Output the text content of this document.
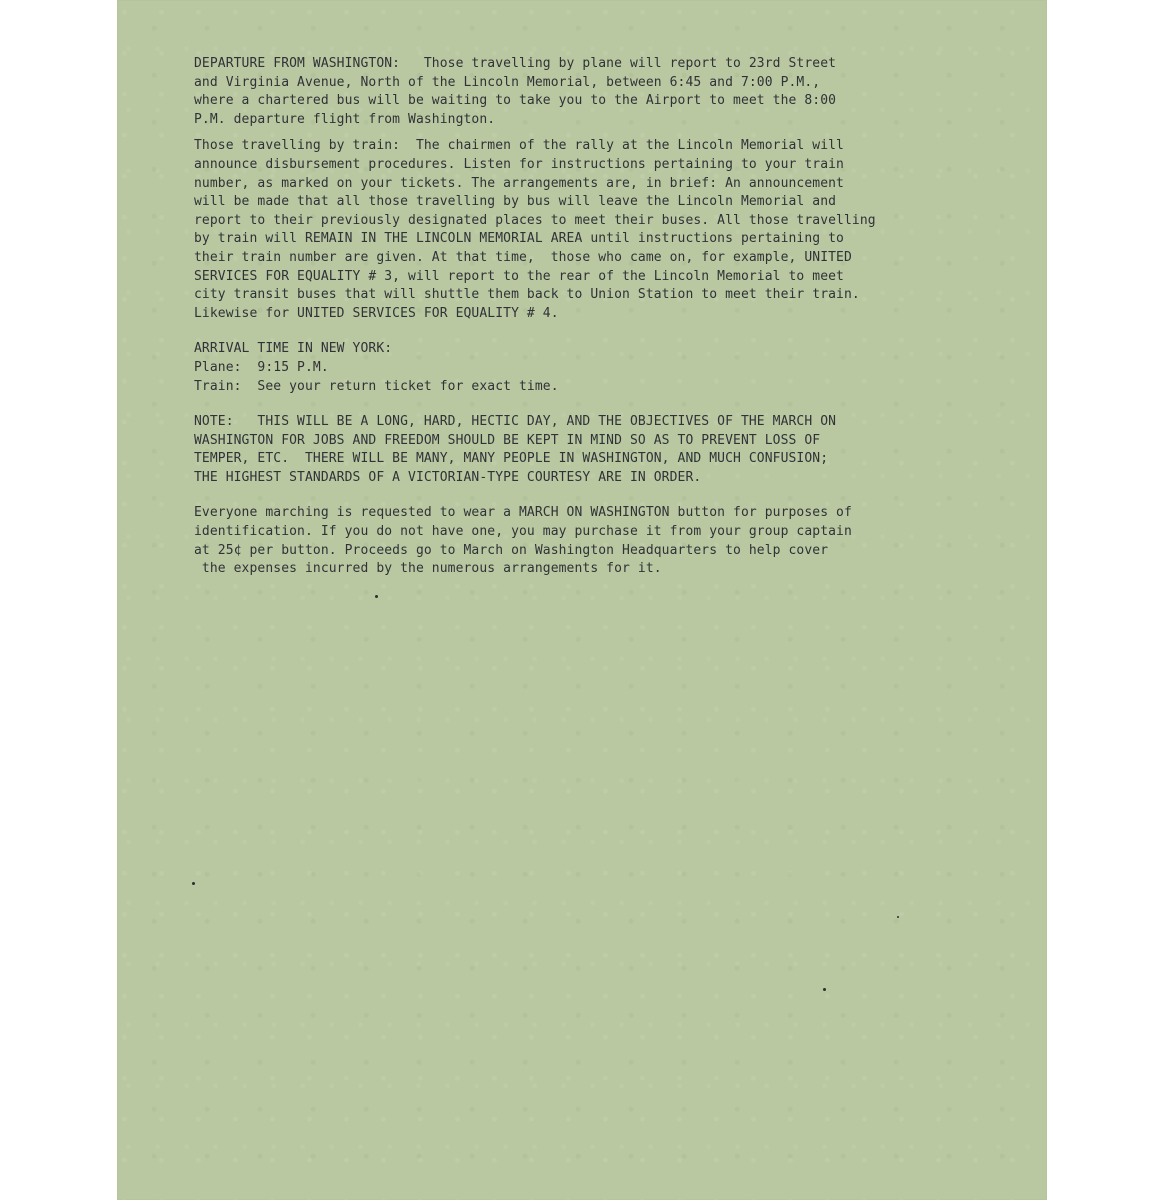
DEPARTURE FROM WASHINGTON:   Those travelling by plane will report to 23rd Street
and Virginia Avenue, North of the Lincoln Memorial, between 6:45 and 7:00 P.M.,
where a chartered bus will be waiting to take you to the Airport to meet the 8:00
P.M. departure flight from Washington.
Those travelling by train:  The chairmen of the rally at the Lincoln Memorial will
announce disbursement procedures. Listen for instructions pertaining to your train
number, as marked on your tickets. The arrangements are, in brief: An announcement
will be made that all those travelling by bus will leave the Lincoln Memorial and
report to their previously designated places to meet their buses. All those travelling
by train will REMAIN IN THE LINCOLN MEMORIAL AREA until instructions pertaining to
their train number are given. At that time,  those who came on, for example, UNITED
SERVICES FOR EQUALITY # 3, will report to the rear of the Lincoln Memorial to meet
city transit buses that will shuttle them back to Union Station to meet their train.
Likewise for UNITED SERVICES FOR EQUALITY # 4.
ARRIVAL TIME IN NEW YORK:
Plane:  9:15 P.M.
Train:  See your return ticket for exact time.
NOTE:   THIS WILL BE A LONG, HARD, HECTIC DAY, AND THE OBJECTIVES OF THE MARCH ON
WASHINGTON FOR JOBS AND FREEDOM SHOULD BE KEPT IN MIND SO AS TO PREVENT LOSS OF
TEMPER, ETC.  THERE WILL BE MANY, MANY PEOPLE IN WASHINGTON, AND MUCH CONFUSION;
THE HIGHEST STANDARDS OF A VICTORIAN-TYPE COURTESY ARE IN ORDER.
Everyone marching is requested to wear a MARCH ON WASHINGTON button for purposes of
identification. If you do not have one, you may purchase it from your group captain
at 25¢ per button. Proceeds go to March on Washington Headquarters to help cover
the expenses incurred by the numerous arrangements for it.
